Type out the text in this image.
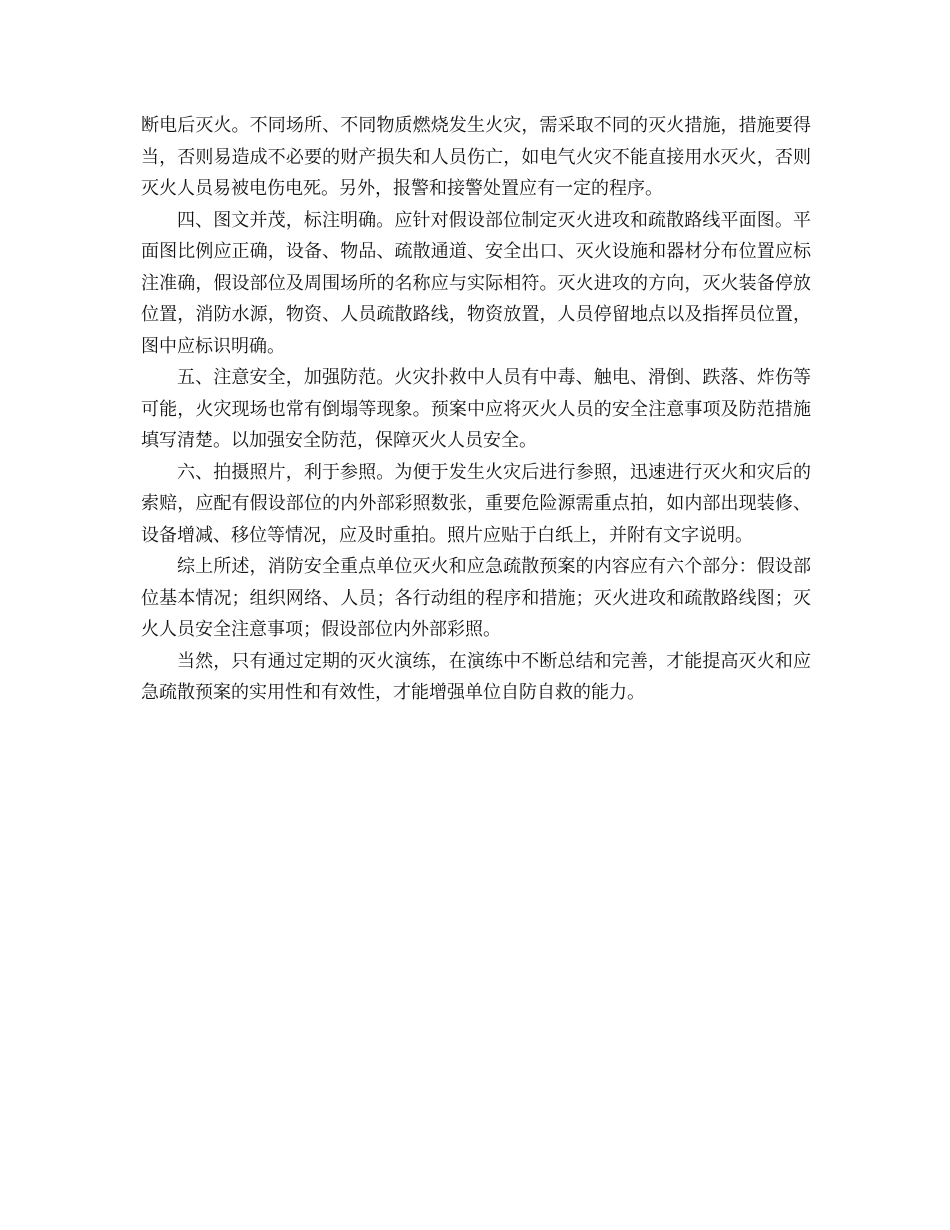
断电后灭火。不同场所、不同物质燃烧发生火灾，需采取不同的灭火措施，措施要得当，否则易造成不必要的财产损失和人员伤亡，如电气火灾不能直接用水灭火，否则灭火人员易被电伤电死。另外，报警和接警处置应有一定的程序。

四、图文并茂，标注明确。应针对假设部位制定灭火进攻和疏散路线平面图。平面图比例应正确，设备、物品、疏散通道、安全出口、灭火设施和器材分布位置应标注准确，假设部位及周围场所的名称应与实际相符。灭火进攻的方向，灭火装备停放位置，消防水源，物资、人员疏散路线，物资放置，人员停留地点以及指挥员位置，图中应标识明确。

五、注意安全，加强防范。火灾扑救中人员有中毒、触电、滑倒、跌落、炸伤等可能，火灾现场也常有倒塌等现象。预案中应将灭火人员的安全注意事项及防范措施填写清楚。以加强安全防范，保障灭火人员安全。

六、拍摄照片，利于参照。为便于发生火灾后进行参照，迅速进行灭火和灾后的索赔，应配有假设部位的内外部彩照数张，重要危险源需重点拍，如内部出现装修、设备增减、移位等情况，应及时重拍。照片应贴于白纸上，并附有文字说明。

综上所述，消防安全重点单位灭火和应急疏散预案的内容应有六个部分：假设部位基本情况；组织网络、人员；各行动组的程序和措施；灭火进攻和疏散路线图；灭火人员安全注意事项；假设部位内外部彩照。

当然，只有通过定期的灭火演练，在演练中不断总结和完善，才能提高灭火和应急疏散预案的实用性和有效性，才能增强单位自防自救的能力。
